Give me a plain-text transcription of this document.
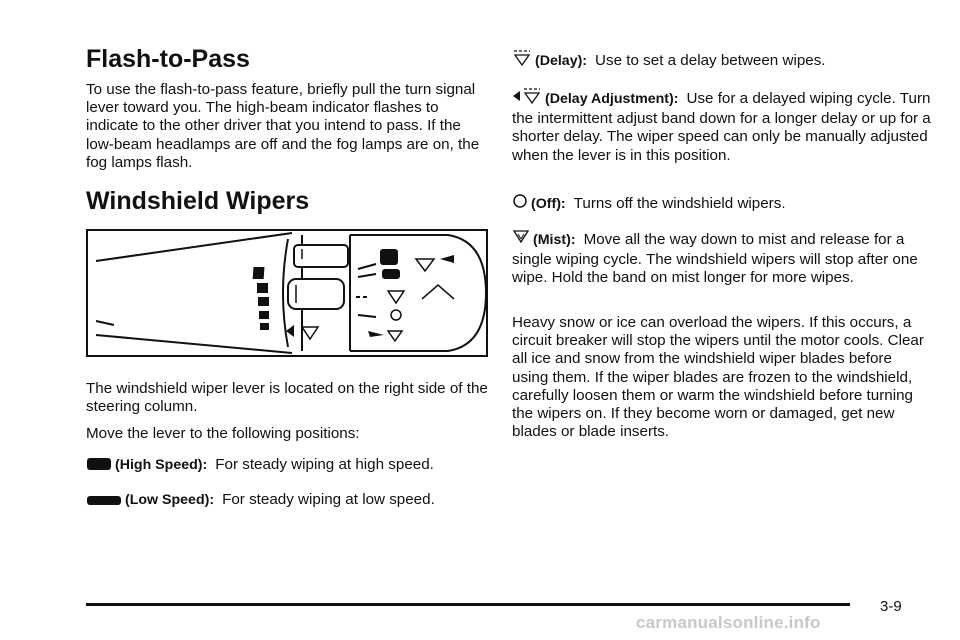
Flash-to-Pass

To use the flash-to-pass feature, briefly pull the turn signal lever toward you. The high-beam indicator flashes to indicate to the other driver that you intend to pass. If the low-beam headlamps are off and the fog lamps are on, the fog lamps flash.

Windshield Wipers

The windshield wiper lever is located on the right side of the steering column.

Move the lever to the following positions:

(High Speed): For steady wiping at high speed.
(Low Speed): For steady wiping at low speed.
(Delay): Use to set a delay between wipes.
(Delay Adjustment): Use for a delayed wiping cycle. Turn the intermittent adjust band down for a longer delay or up for a shorter delay. The wiper speed can only be manually adjusted when the lever is in this position.
(Off): Turns off the windshield wipers.
(Mist): Move all the way down to mist and release for a single wiping cycle. The windshield wipers will stop after one wipe. Hold the band on mist longer for more wipes.

Heavy snow or ice can overload the wipers. If this occurs, a circuit breaker will stop the wipers until the motor cools. Clear all ice and snow from the windshield wiper blades before using them. If the wiper blades are frozen to the windshield, carefully loosen them or warm the windshield before turning the wipers on. If they become worn or damaged, get new blades or blade inserts.

3-9
carmanualsonline.info
